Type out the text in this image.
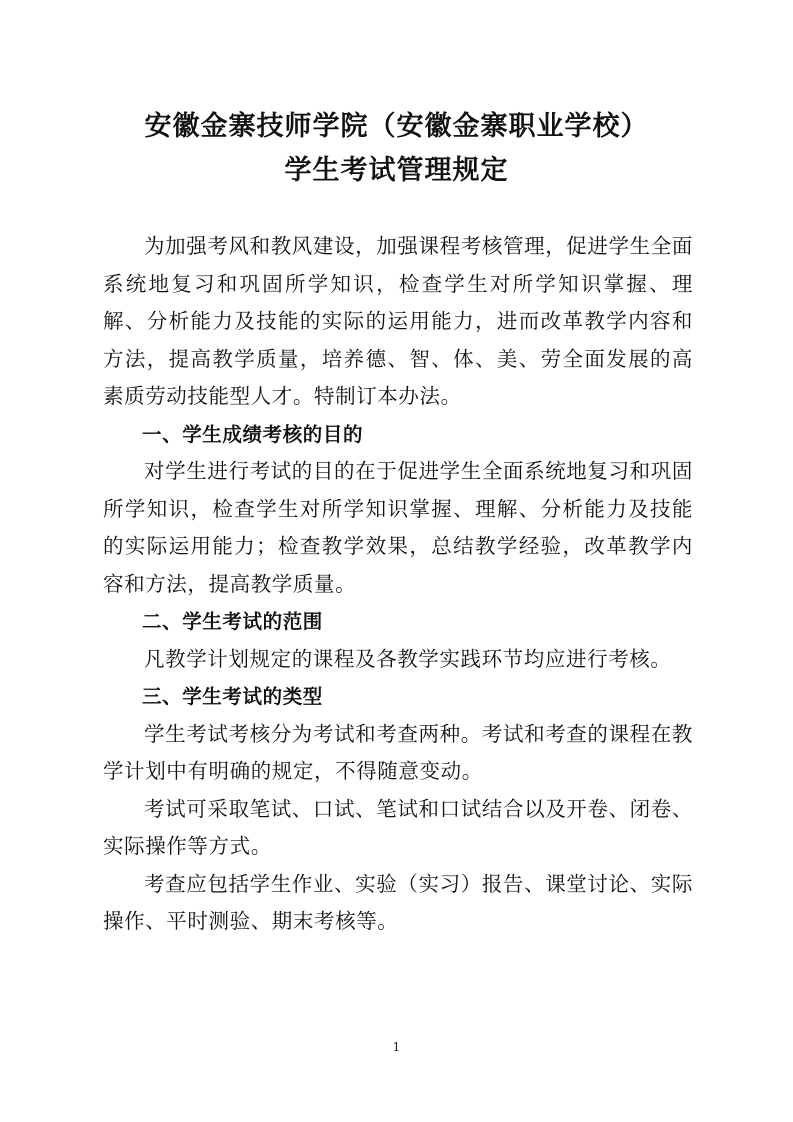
安徽金寨技师学院（安徽金寨职业学校）
学生考试管理规定

为加强考风和教风建设，加强课程考核管理，促进学生全面系统地复习和巩固所学知识，检查学生对所学知识掌握、理解、分析能力及技能的实际的运用能力，进而改革教学内容和方法，提高教学质量，培养德、智、体、美、劳全面发展的高素质劳动技能型人才。特制订本办法。

一、学生成绩考核的目的

对学生进行考试的目的在于促进学生全面系统地复习和巩固所学知识，检查学生对所学知识掌握、理解、分析能力及技能的实际运用能力；检查教学效果，总结教学经验，改革教学内容和方法，提高教学质量。

二、学生考试的范围

凡教学计划规定的课程及各教学实践环节均应进行考核。

三、学生考试的类型

学生考试考核分为考试和考查两种。考试和考查的课程在教学计划中有明确的规定，不得随意变动。

考试可采取笔试、口试、笔试和口试结合以及开卷、闭卷、实际操作等方式。

考查应包括学生作业、实验（实习）报告、课堂讨论、实际操作、平时测验、期末考核等。

1
